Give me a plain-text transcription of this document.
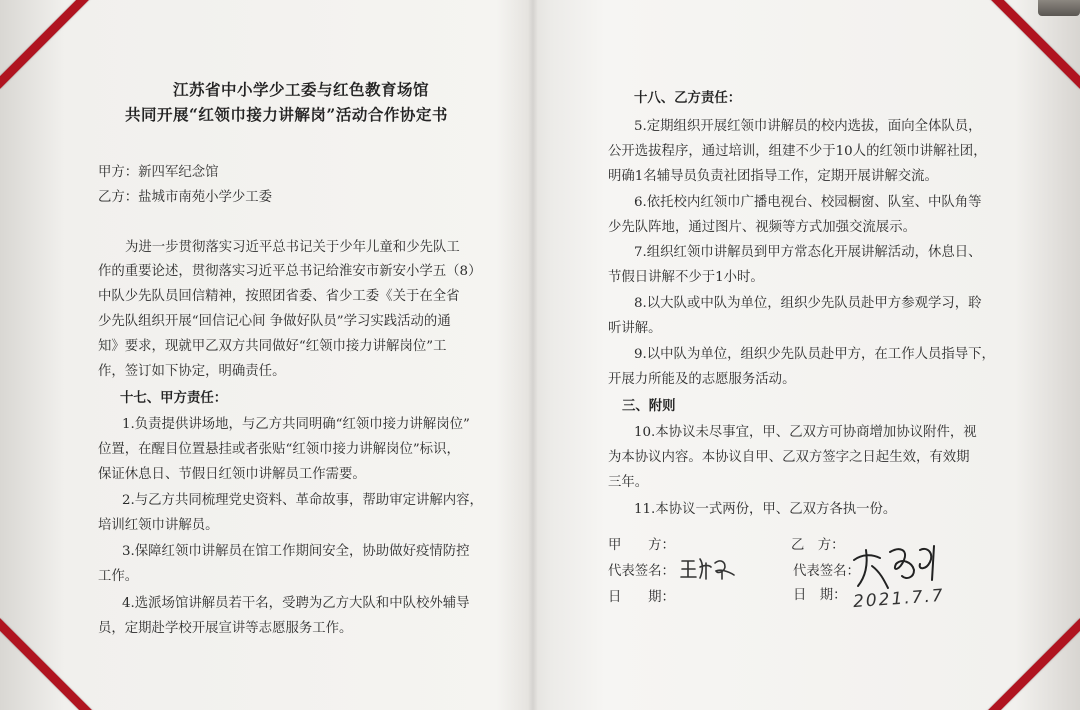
江苏省中小学少工委与红色教育场馆
共同开展“红领巾接力讲解岗”活动合作协定书
甲方：新四军纪念馆
乙方：盐城市南苑小学少工委
为进一步贯彻落实习近平总书记关于少年儿童和少先队工
作的重要论述，贯彻落实习近平总书记给淮安市新安小学五（8）
中队少先队员回信精神，按照团省委、省少工委《关于在全省
少先队组织开展“回信记心间 争做好队员”学习实践活动的通
知》要求，现就甲乙双方共同做好“红领巾接力讲解岗位”工
作，签订如下协定，明确责任。
十七、甲方责任：
1.负责提供讲场地，与乙方共同明确“红领巾接力讲解岗位”
位置，在醒目位置悬挂或者张贴“红领巾接力讲解岗位”标识，
保证休息日、节假日红领巾讲解员工作需要。
2.与乙方共同梳理党史资料、革命故事，帮助审定讲解内容，
培训红领巾讲解员。
3.保障红领巾讲解员在馆工作期间安全，协助做好疫情防控
工作。
4.选派场馆讲解员若干名，受聘为乙方大队和中队校外辅导
员，定期赴学校开展宣讲等志愿服务工作。
十八、乙方责任：
5.定期组织开展红领巾讲解员的校内选拔，面向全体队员，
公开选拔程序，通过培训，组建不少于10人的红领巾讲解社团，
明确1名辅导员负责社团指导工作，定期开展讲解交流。
6.依托校内红领巾广播电视台、校园橱窗、队室、中队角等
少先队阵地，通过图片、视频等方式加强交流展示。
7.组织红领巾讲解员到甲方常态化开展讲解活动，休息日、
节假日讲解不少于1小时。
8.以大队或中队为单位，组织少先队员赴甲方参观学习，聆
听讲解。
9.以中队为单位，组织少先队员赴甲方，在工作人员指导下，
开展力所能及的志愿服务活动。
三、附则
10.本协议未尽事宜，甲、乙双方可协商增加协议附件，视
为本协议内容。本协议自甲、乙双方签字之日起生效，有效期
三年。
11.本协议一式两份，甲、乙双方各执一份。
甲　　方：
代表签名：
日　　期：
乙　方：
代表签名：
日　期： 2021.7.7
